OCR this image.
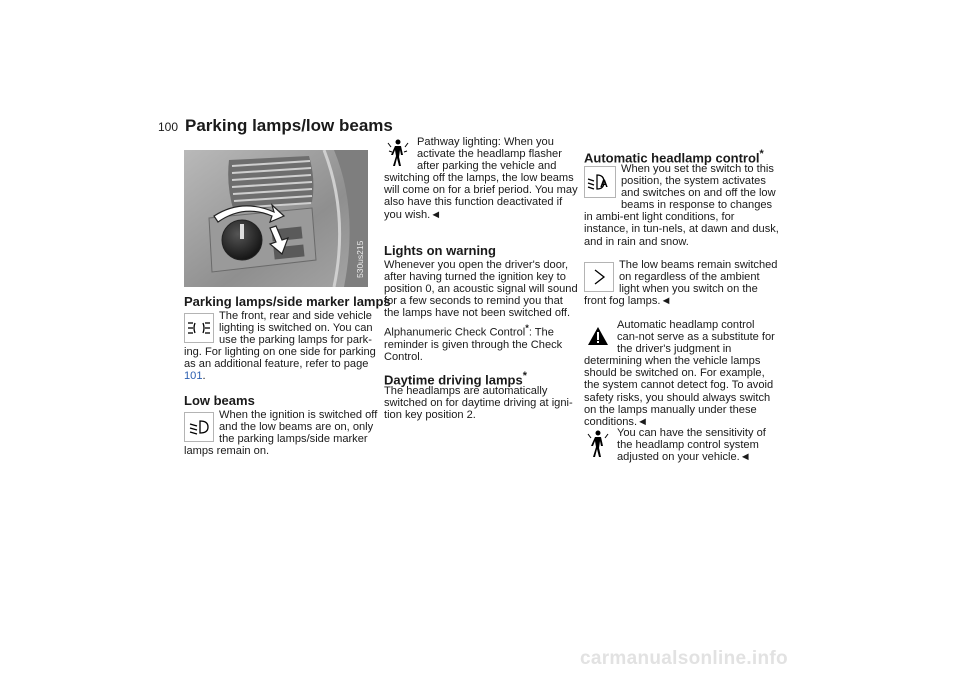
100 Parking lamps/low beams
530us215
Parking lamps/side marker lamps

The front, rear and side vehicle lighting is switched on. You can use the parking lamps for park-ing. For lighting on one side for parking as an additional feature, refer to page 101.

Low beams

When the ignition is switched off and the low beams are on, only the parking lamps/side marker lamps remain on.

Pathway lighting: When you activate the headlamp flasher after parking the vehicle and switching off the lamps, the low beams will come on for a brief period. You may also have this function deactivated if you wish.◄

Lights on warning

Whenever you open the driver's door, after having turned the ignition key to position 0, an acoustic signal will sound for a few seconds to remind you that the lamps have not been switched off.

Alphanumeric Check Control*: The reminder is given through the Check Control.

Daytime driving lamps*

The headlamps are automatically switched on for daytime driving at igni-tion key position 2.

Automatic headlamp control*
A

When you set the switch to this position, the system activates and switches on and off the low beams in response to changes in ambi-ent light conditions, for instance, in tun-nels, at dawn and dusk, and in rain and snow.

The low beams remain switched on regardless of the ambient light when you switch on the front fog lamps.◄

Automatic headlamp control can-not serve as a substitute for the driver's judgment in determining when the vehicle lamps should be switched on. For example, the system cannot detect fog. To avoid safety risks, you should always switch on the lamps manually under these conditions.◄

You can have the sensitivity of the headlamp control system adjusted on your vehicle.◄

carmanualsonline.info
